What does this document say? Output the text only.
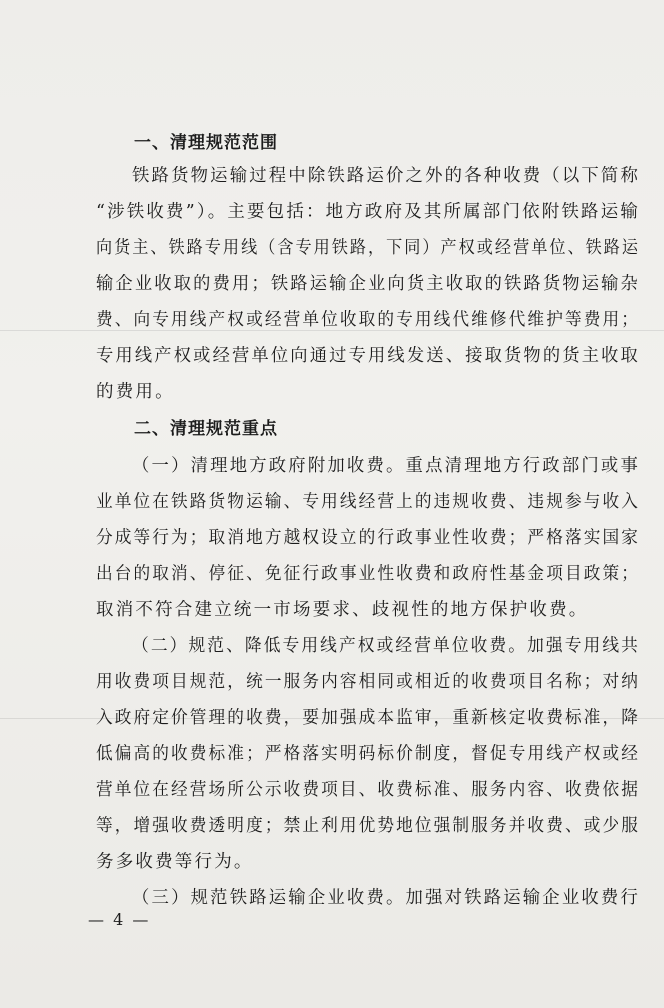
一、清理规范范围
铁路货物运输过程中除铁路运价之外的各种收费（以下简称
“涉铁收费”）。主要包括：地方政府及其所属部门依附铁路运输
向货主、铁路专用线（含专用铁路，下同）产权或经营单位、铁路运
输企业收取的费用；铁路运输企业向货主收取的铁路货物运输杂
费、向专用线产权或经营单位收取的专用线代维修代维护等费用；
专用线产权或经营单位向通过专用线发送、接取货物的货主收取
的费用。
二、清理规范重点
（一）清理地方政府附加收费。重点清理地方行政部门或事
业单位在铁路货物运输、专用线经营上的违规收费、违规参与收入
分成等行为；取消地方越权设立的行政事业性收费；严格落实国家
出台的取消、停征、免征行政事业性收费和政府性基金项目政策；
取消不符合建立统一市场要求、歧视性的地方保护收费。
（二）规范、降低专用线产权或经营单位收费。加强专用线共
用收费项目规范，统一服务内容相同或相近的收费项目名称；对纳
入政府定价管理的收费，要加强成本监审，重新核定收费标准，降
低偏高的收费标准；严格落实明码标价制度，督促专用线产权或经
营单位在经营场所公示收费项目、收费标准、服务内容、收费依据
等，增强收费透明度；禁止利用优势地位强制服务并收费、或少服
务多收费等行为。
（三）规范铁路运输企业收费。加强对铁路运输企业收费行
— 4 —
